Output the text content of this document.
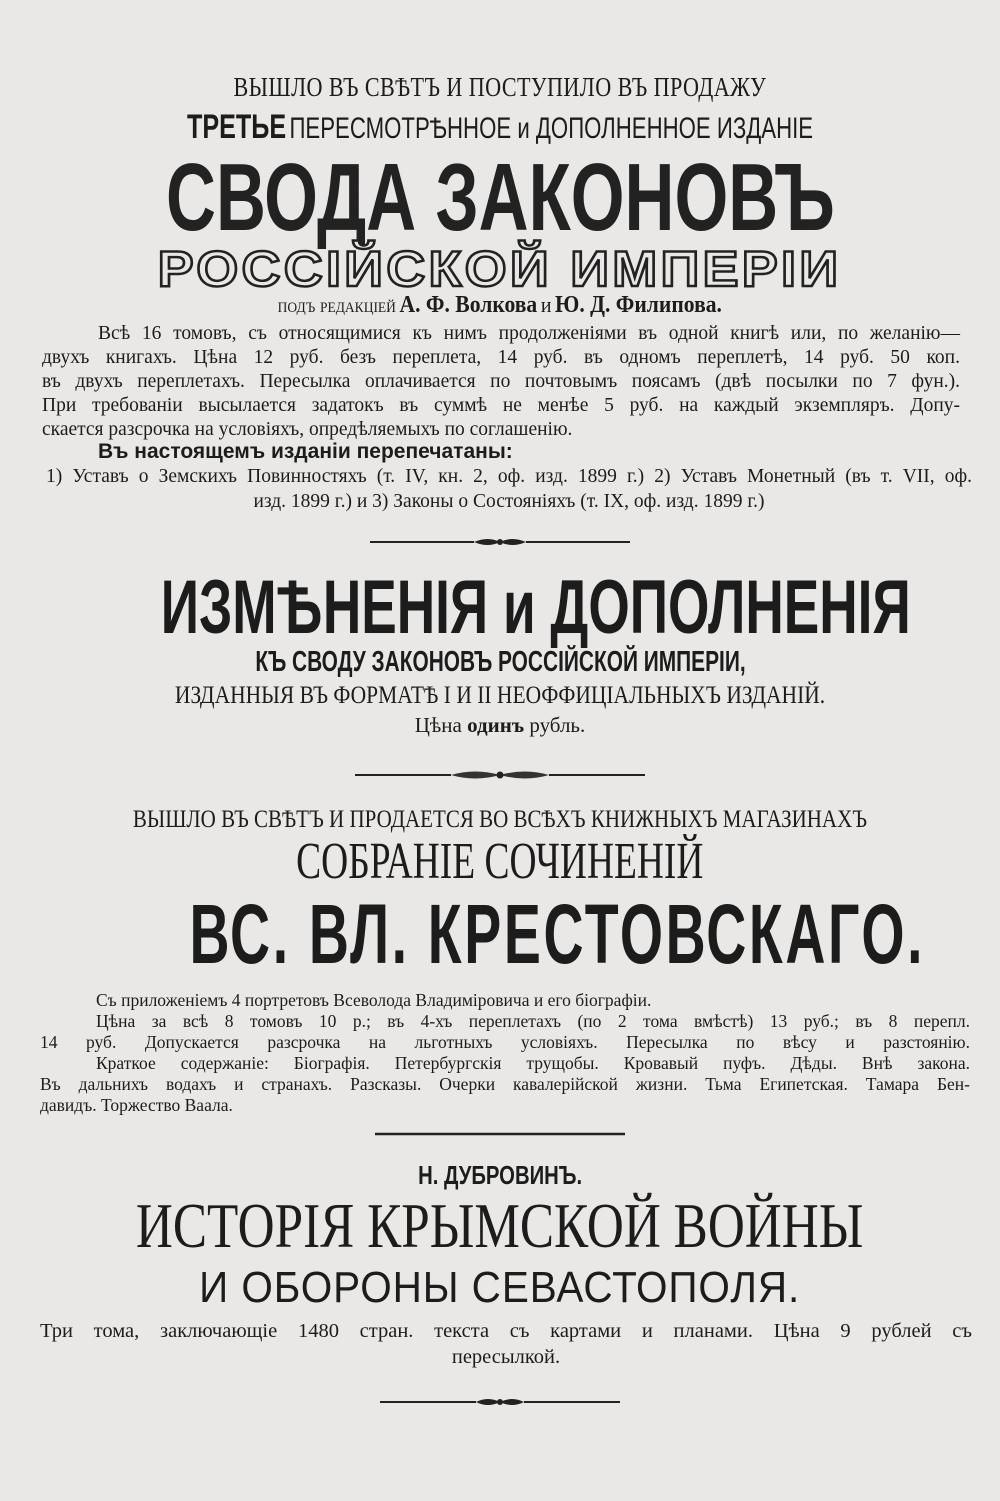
ВЫШЛО ВЪ СВѢТЪ И ПОСТУПИЛО ВЪ ПРОДАЖУ
ТРЕТЬЕ ПЕРЕСМОТРѢННОЕ и ДОПОЛНЕННОЕ ИЗДАНІЕ
СВОДА ЗАКОНОВЪ
РОССІЙСКОЙ ИМПЕРІИ
подъ редакціей А. Ф. Волкова и Ю. Д. Филипова.

Всѣ 16 томовъ, съ относящимися къ нимъ продолженіями въ одной книгѣ или, по желанію—

двухъ книгахъ. Цѣна 12 руб. безъ переплета, 14 руб. въ одномъ переплетѣ, 14 руб. 50 коп.

въ двухъ переплетахъ. Пересылка оплачивается по почтовымъ поясамъ (двѣ посылки по 7 фун.).

При требованіи высылается задатокъ въ суммѣ не менѣе 5 руб. на каждый экземпляръ. Допу-

скается разсрочка на условіяхъ, опредѣляемыхъ по соглашенію.

Въ настоящемъ изданіи перепечатаны:

1) Уставъ о Земскихъ Повинностяхъ (т. IV, кн. 2, оф. изд. 1899 г.) 2) Уставъ Монетный (въ т. VII, оф.

изд. 1899 г.) и 3) Законы о Состояніяхъ (т. IX, оф. изд. 1899 г.)

ИЗМѢНЕНІЯ и ДОПОЛНЕНІЯ
КЪ СВОДУ ЗАКОНОВЪ РОССІЙСКОЙ ИМПЕРІИ,
ИЗДАННЫЯ ВЪ ФОРМАТѢ I И II НЕОФФИЦІАЛЬНЫХЪ ИЗДАНІЙ.
Цѣна одинъ рубль.
ВЫШЛО ВЪ СВѢТЪ И ПРОДАЕТСЯ ВО ВСѢХЪ КНИЖНЫХЪ МАГАЗИНАХЪ
СОБРАНІЕ СОЧИНЕНІЙ
ВС. ВЛ. КРЕСТОВСКАГО.
Съ приложеніемъ 4 портретовъ Всеволода Владиміровича и его біографіи.
Цѣна за всѣ 8 томовъ 10 р.; въ 4-хъ переплетахъ (по 2 тома вмѣстѣ) 13 руб.; въ 8 перепл.
14 руб. Допускается разсрочка на льготныхъ условіяхъ. Пересылка по вѣсу и разстоянію.
Краткое содержаніе: Біографія. Петербургскія трущобы. Кровавый пуфъ. Дѣды. Внѣ закона.
Въ дальнихъ водахъ и странахъ. Разсказы. Очерки кавалерійской жизни. Тьма Египетская. Тамара Бен-
давидъ. Торжество Ваала.
Н. ДУБРОВИНЪ.
ИСТОРІЯ КРЫМСКОЙ ВОЙНЫ
И ОБОРОНЫ СЕВАСТОПОЛЯ.
Три тома, заключающіе 1480 стран. текста съ картами и планами. Цѣна 9 рублей съ
пересылкой.
